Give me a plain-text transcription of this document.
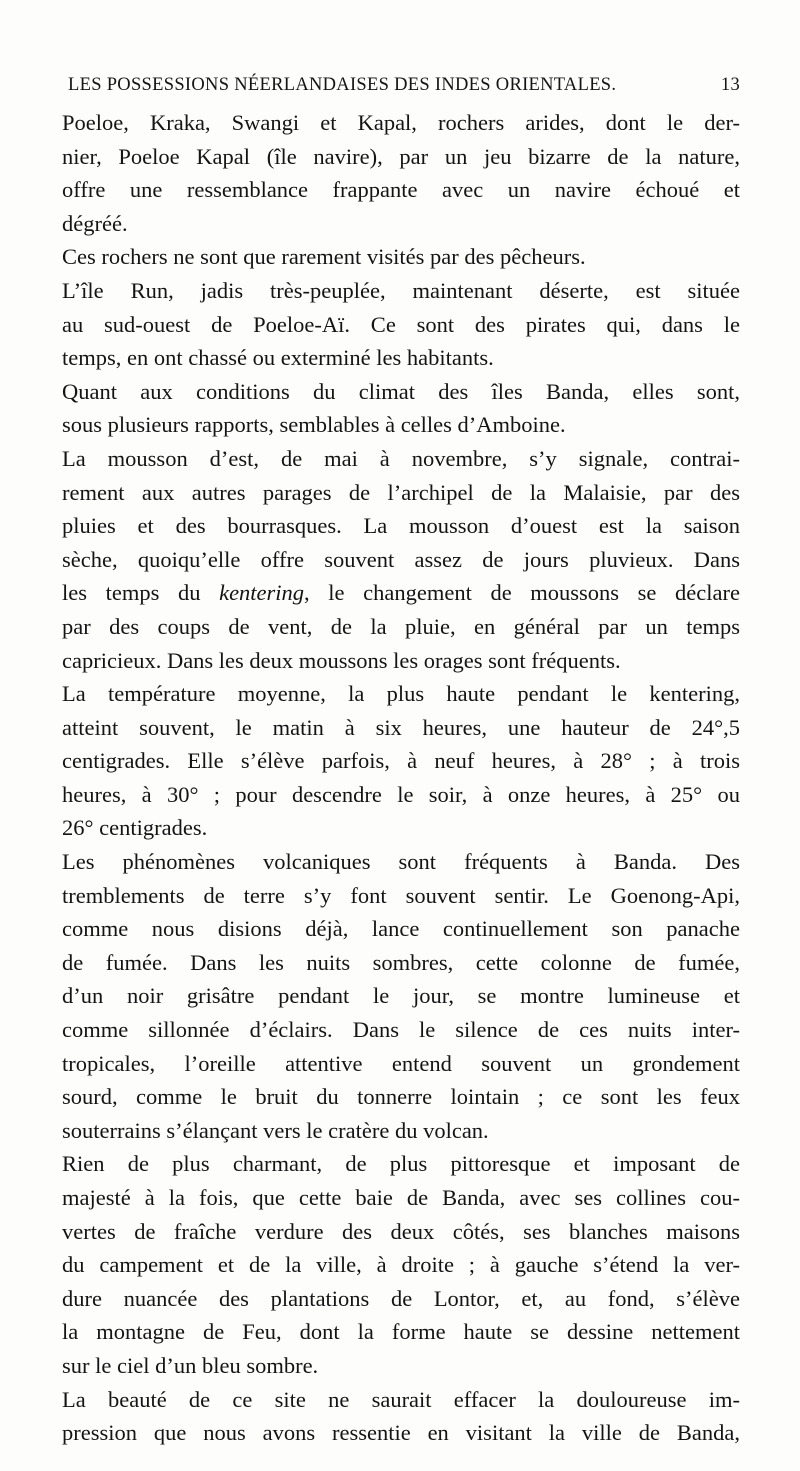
LES POSSESSIONS NÉERLANDAISES DES INDES ORIENTALES.	13
Poeloe, Kraka, Swangi et Kapal, rochers arides, dont le der-
nier, Poeloe Kapal (île navire), par un jeu bizarre de la nature,
offre une ressemblance frappante avec un navire échoué et
dégréé.
Ces rochers ne sont que rarement visités par des pêcheurs.
L’île Run, jadis très-peuplée, maintenant déserte, est située
au sud-ouest de Poeloe-Aï. Ce sont des pirates qui, dans le
temps, en ont chassé ou exterminé les habitants.
Quant aux conditions du climat des îles Banda, elles sont,
sous plusieurs rapports, semblables à celles d’Amboine.
La mousson d’est, de mai à novembre, s’y signale, contrai-
rement aux autres parages de l’archipel de la Malaisie, par des
pluies et des bourrasques. La mousson d’ouest est la saison
sèche, quoiqu’elle offre souvent assez de jours pluvieux. Dans
les temps du kentering, le changement de moussons se déclare
par des coups de vent, de la pluie, en général par un temps
capricieux. Dans les deux moussons les orages sont fréquents.
La température moyenne, la plus haute pendant le kentering,
atteint souvent, le matin à six heures, une hauteur de 24°,5
centigrades. Elle s’élève parfois, à neuf heures, à 28° ; à trois
heures, à 30° ; pour descendre le soir, à onze heures, à 25° ou
26° centigrades.
Les phénomènes volcaniques sont fréquents à Banda. Des
tremblements de terre s’y font souvent sentir. Le Goenong-Api,
comme nous disions déjà, lance continuellement son panache
de fumée. Dans les nuits sombres, cette colonne de fumée,
d’un noir grisâtre pendant le jour, se montre lumineuse et
comme sillonnée d’éclairs. Dans le silence de ces nuits inter-
tropicales, l’oreille attentive entend souvent un grondement
sourd, comme le bruit du tonnerre lointain ; ce sont les feux
souterrains s’élançant vers le cratère du volcan.
Rien de plus charmant, de plus pittoresque et imposant de
majesté à la fois, que cette baie de Banda, avec ses collines cou-
vertes de fraîche verdure des deux côtés, ses blanches maisons
du campement et de la ville, à droite ; à gauche s’étend la ver-
dure nuancée des plantations de Lontor, et, au fond, s’élève
la montagne de Feu, dont la forme haute se dessine nettement
sur le ciel d’un bleu sombre.
La beauté de ce site ne saurait effacer la douloureuse im-
pression que nous avons ressentie en visitant la ville de Banda,
